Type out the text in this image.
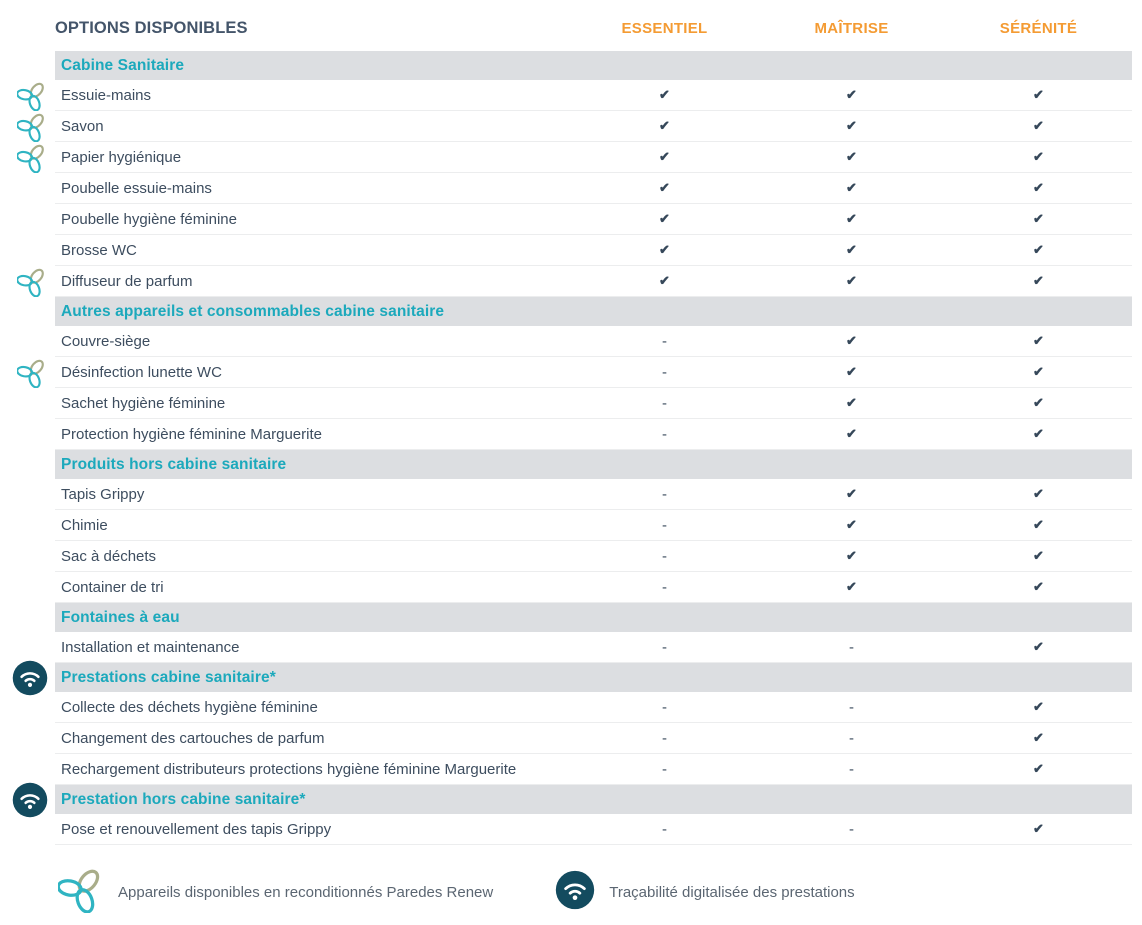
OPTIONS DISPONIBLES	ESSENTIEL	MAÎTRISE	SÉRÉNITÉ
Cabine Sanitaire
Essuie-mains	✔	✔	✔
Savon	✔	✔	✔
Papier hygiénique	✔	✔	✔
Poubelle essuie-mains	✔	✔	✔
Poubelle hygiène féminine	✔	✔	✔
Brosse WC	✔	✔	✔
Diffuseur de parfum	✔	✔	✔
Autres appareils et consommables cabine sanitaire
Couvre-siège	-	✔	✔
Désinfection lunette WC	-	✔	✔
Sachet hygiène féminine	-	✔	✔
Protection hygiène féminine Marguerite	-	✔	✔
Produits hors cabine sanitaire
Tapis Grippy	-	✔	✔
Chimie	-	✔	✔
Sac à déchets	-	✔	✔
Container de tri	-	✔	✔
Fontaines à eau
Installation et maintenance	-	-	✔
Prestations cabine sanitaire*
Collecte des déchets hygiène féminine	-	-	✔
Changement des cartouches de parfum	-	-	✔
Rechargement distributeurs protections hygiène féminine Marguerite	-	-	✔
Prestation hors cabine sanitaire*
Pose et renouvellement des tapis Grippy	-	-	✔
Appareils disponibles en reconditionnés Paredes Renew	Traçabilité digitalisée des prestations
